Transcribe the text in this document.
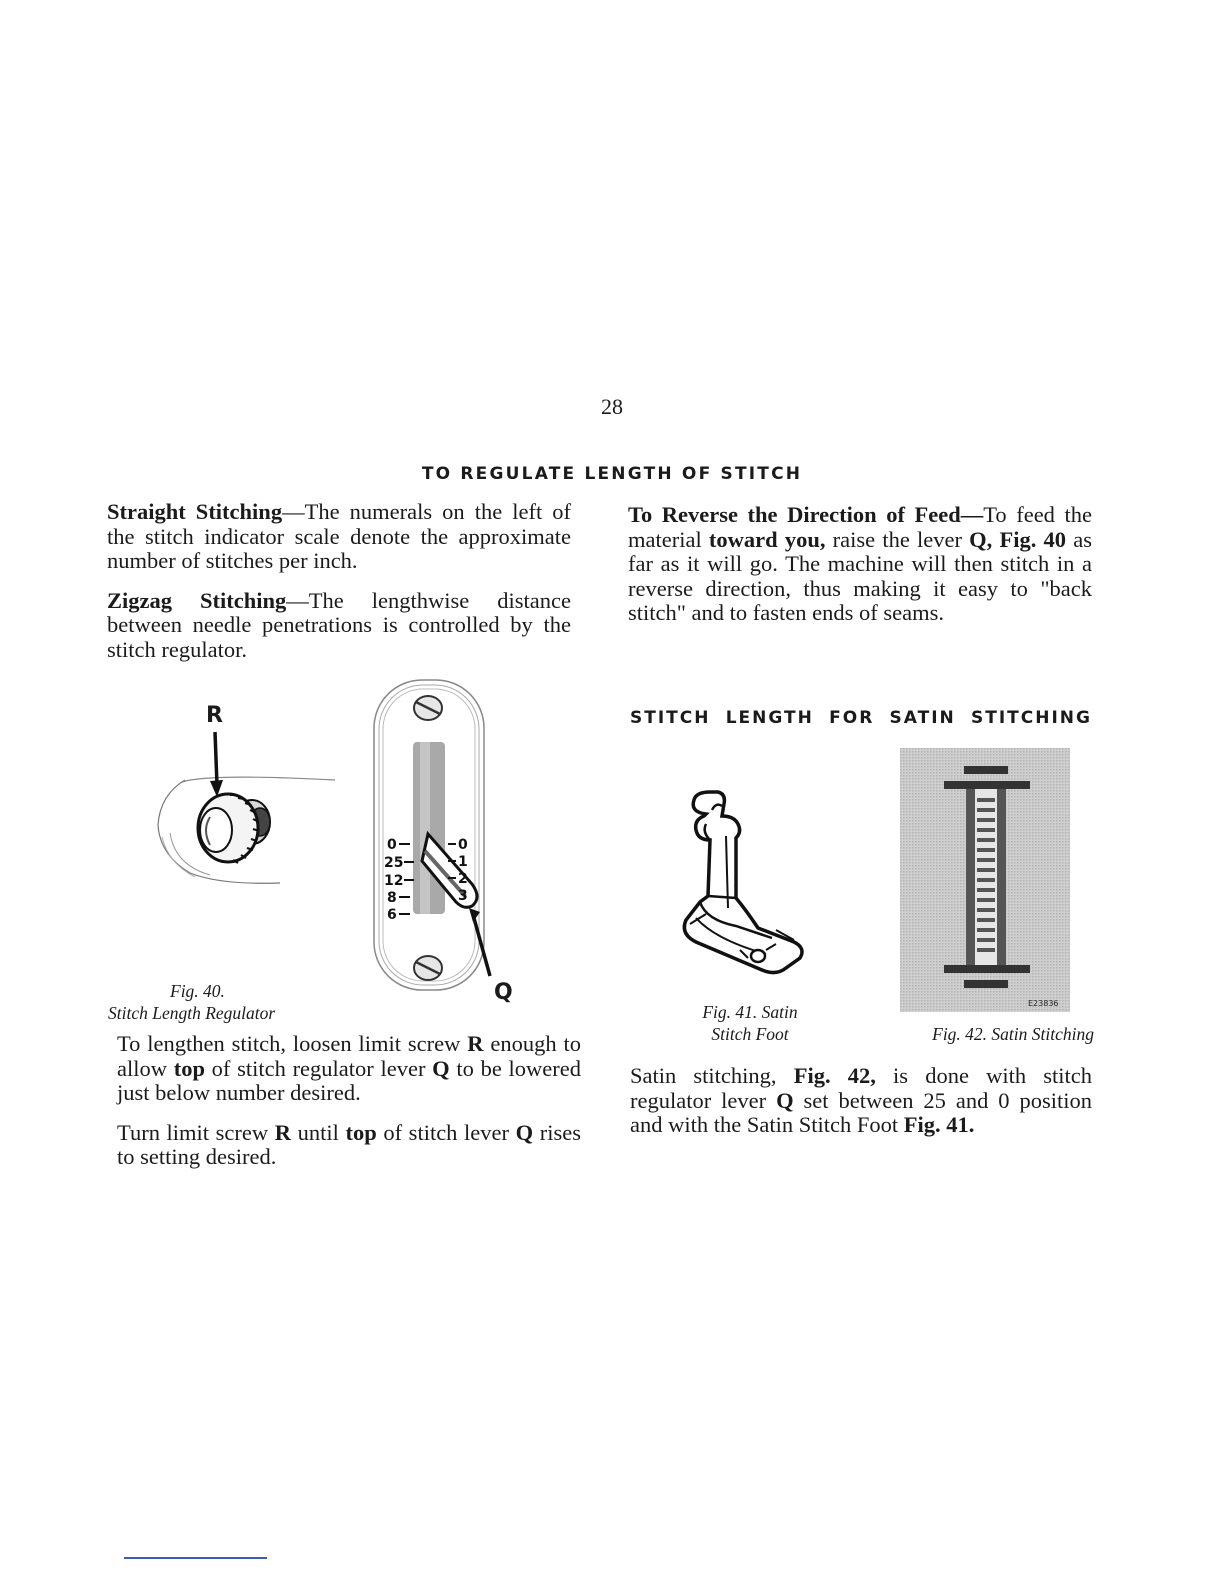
28
TO REGULATE LENGTH OF STITCH

Straight Stitching—The numerals on the left of the stitch indicator scale denote the approximate number of stitches per inch.

Zigzag Stitching—The lengthwise distance between needle penetrations is controlled by the stitch regulator.

To Reverse the Direction of Feed—To feed the material toward you, raise the lever Q, Fig. 40 as far as it will go. The machine will then stitch in a reverse direction, thus making it easy to "back stitch" and to fasten ends of seams.

STITCH LENGTH FOR SATIN STITCHING
R
0
25
12
8
6
0
1
2
3
Q
Fig. 40.
Stitch Length Regulator	Fig. 41. Satin
Stitch Foot
E23836
Fig. 42. Satin Stitching

To lengthen stitch, loosen limit screw R enough to allow top of stitch regulator lever Q to be lowered just below number desired.

Turn limit screw R until top of stitch lever Q rises to setting desired.

Satin stitching, Fig. 42, is done with stitch regulator lever Q set between 25 and 0 position and with the Satin Stitch Foot Fig. 41.
